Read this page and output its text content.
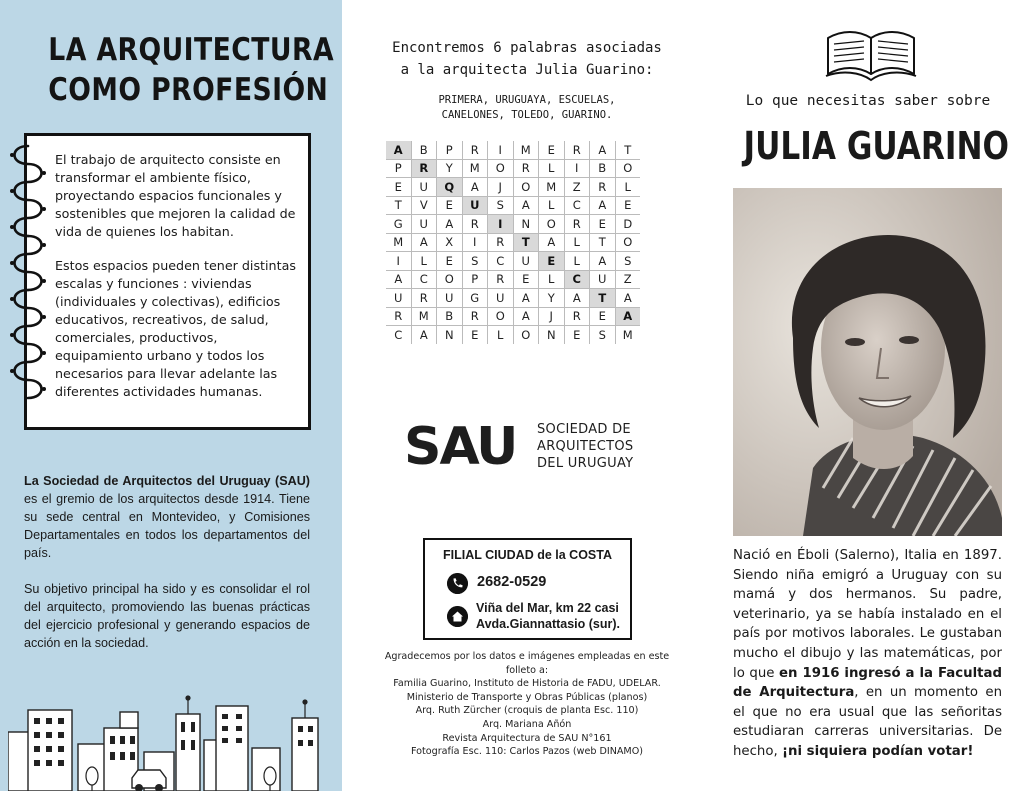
LA ARQUITECTURA
COMO PROFESIÓN

El trabajo de arquitecto consiste en transformar el ambiente físico, proyectando espacios funcionales y sostenibles que mejoren la calidad de vida de quienes los habitan.

Estos espacios pueden tener distintas escalas y funciones : viviendas (individuales y colectivas), edificios educativos, recreativos, de salud, comerciales, productivos, equipamiento urbano y todos los necesarios para llevar adelante las diferentes actividades humanas.

La Sociedad de Arquitectos del Uruguay (SAU) es el gremio de los arquitectos desde 1914. Tiene su sede central en Montevideo, y Comisiones Departamentales en todos los departamentos del país.

Su objetivo principal ha sido y es consolidar el rol del arquitecto, promoviendo las buenas prácticas del ejercicio profesional y generando espacios de acción en la sociedad.

Encontremos 6 palabras asociadas
a la arquitecta Julia Guarino:
PRIMERA, URUGUAYA, ESCUELAS,
CANELONES, TOLEDO, GUARINO.
A	B	P	R	I	M	E	R	A	T
P	R	Y	M	O	R	L	I	B	O
E	U	Q	A	J	O	M	Z	R	L
T	V	E	U	S	A	L	C	A	E
G	U	A	R	I	N	O	R	E	D
M	A	X	I	R	T	A	L	T	O
I	L	E	S	C	U	E	L	A	S
A	C	O	P	R	E	L	C	U	Z
U	R	U	G	U	A	Y	A	T	A
R	M	B	R	O	A	J	R	E	A
C	A	N	E	L	O	N	E	S	M
SAU SOCIEDAD DE
ARQUITECTOS
DEL URUGUAY
FILIAL CIUDAD de la COSTA
2682-0529
Viña del Mar, km 22 casi
Avda.Giannattasio (sur).
Agradecemos por los datos e imágenes empleadas en este
folleto a:
Familia Guarino, Instituto de Historia de FADU, UDELAR.
Ministerio de Transporte y Obras Públicas (planos)
Arq. Ruth Zürcher (croquis de planta Esc. 110)
Arq. Mariana Añón
Revista Arquitectura de SAU N°161
Fotografía Esc. 110: Carlos Pazos (web DINAMO)
Lo que necesitas saber sobre
JULIA GUARINO
Nació en Éboli (Salerno), Italia en 1897. Siendo niña emigró a Uruguay con su mamá y dos hermanos. Su padre, veterinario, ya se había instalado en el país por motivos laborales. Le gustaban mucho el dibujo y las matemáticas, por lo que en 1916 ingresó a la Facultad de Arquitectura, en un momento en el que no era usual que las señoritas estudiaran carreras universitarias. De hecho, ¡ni siquiera podían votar!
